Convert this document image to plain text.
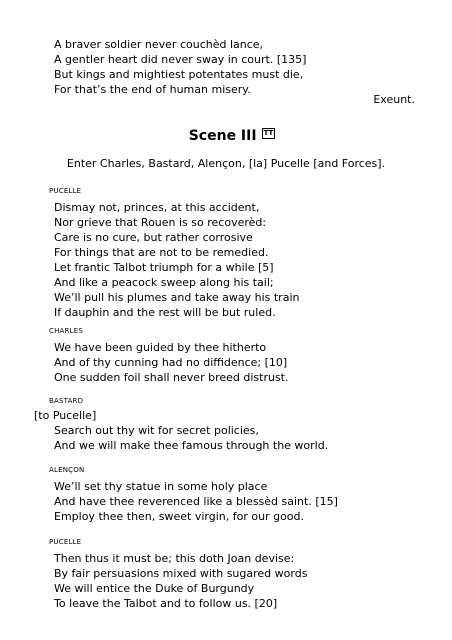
A braver soldier never couchèd lance,
A gentler heart did never sway in court. [135]
But kings and mightiest potentates must die,
For that’s the end of human misery.
Exeunt.
Scene III TT
Enter Charles, Bastard, Alençon, [la] Pucelle [and Forces].
PUCELLE
Dismay not, princes, at this accident,
Nor grieve that Rouen is so recoverèd:
Care is no cure, but rather corrosive
For things that are not to be remedied.
Let frantic Talbot triumph for a while [5]
And like a peacock sweep along his tail;
We’ll pull his plumes and take away his train
If dauphin and the rest will be but ruled.
CHARLES
We have been guided by thee hitherto
And of thy cunning had no diffidence; [10]
One sudden foil shall never breed distrust.
BASTARD
[to Pucelle]
Search out thy wit for secret policies,
And we will make thee famous through the world.
ALENÇON
We’ll set thy statue in some holy place
And have thee reverenced like a blessèd saint. [15]
Employ thee then, sweet virgin, for our good.
PUCELLE
Then thus it must be; this doth Joan devise:
By fair persuasions mixed with sugared words
We will entice the Duke of Burgundy
To leave the Talbot and to follow us. [20]
